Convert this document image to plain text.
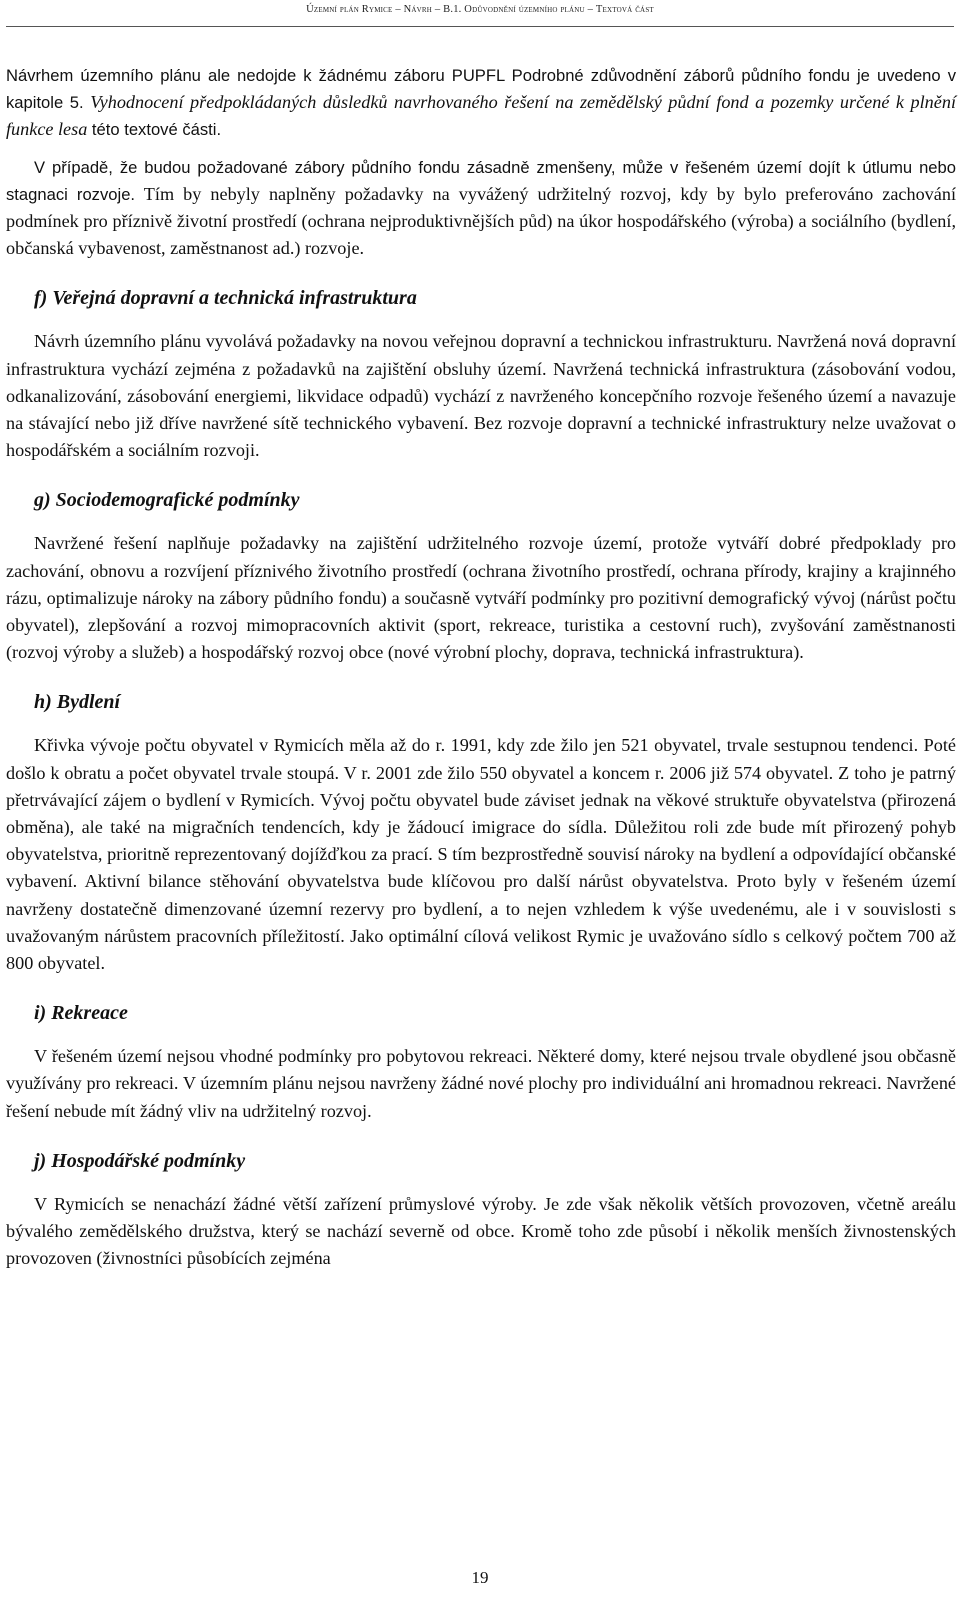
Územní plán Rymice – Návrh – B.1. Odůvodnění územního plánu – Textová část

Návrhem územního plánu ale nedojde k žádnému záboru PUPFL Podrobné zdůvodnění záborů půdního fondu je uvedeno v kapitole 5. Vyhodnocení předpokládaných důsledků navrhovaného řešení na zemědělský půdní fond a pozemky určené k plnění funkce lesa této textové části.

V případě, že budou požadované zábory půdního fondu zásadně zmenšeny, může v řešeném území dojít k útlumu nebo stagnaci rozvoje. Tím by nebyly naplněny požadavky na vyvážený udržitelný rozvoj, kdy by bylo preferováno zachování podmínek pro příznivě životní prostředí (ochrana nejproduktivnějších půd) na úkor hospodářského (výroba) a sociálního (bydlení, občanská vybavenost, zaměstnanost ad.) rozvoje.

f) Veřejná dopravní a technická infrastruktura

Návrh územního plánu vyvolává požadavky na novou veřejnou dopravní a technickou infrastrukturu. Navržená nová dopravní infrastruktura vychází zejména z požadavků na zajištění obsluhy území. Navržená technická infrastruktura (zásobování vodou, odkanalizování, zásobování energiemi, likvidace odpadů) vychází z navrženého koncepčního rozvoje řešeného území a navazuje na stávající nebo již dříve navržené sítě technického vybavení. Bez rozvoje dopravní a technické infrastruktury nelze uvažovat o hospodářském a sociálním rozvoji.

g) Sociodemografické podmínky

Navržené řešení naplňuje požadavky na zajištění udržitelného rozvoje území, protože vytváří dobré předpoklady pro zachování, obnovu a rozvíjení příznivého životního prostředí (ochrana životního prostředí, ochrana přírody, krajiny a krajinného rázu, optimalizuje nároky na zábory půdního fondu) a současně vytváří podmínky pro pozitivní demografický vývoj (nárůst počtu obyvatel), zlepšování a rozvoj mimopracovních aktivit (sport, rekreace, turistika a cestovní ruch), zvyšování zaměstnanosti (rozvoj výroby a služeb) a hospodářský rozvoj obce (nové výrobní plochy, doprava, technická infrastruktura).

h) Bydlení

Křivka vývoje počtu obyvatel v Rymicích měla až do r. 1991, kdy zde žilo jen 521 obyvatel, trvale sestupnou tendenci. Poté došlo k obratu a počet obyvatel trvale stoupá. V r. 2001 zde žilo 550 obyvatel a koncem r. 2006 již 574 obyvatel. Z toho je patrný přetrvávající zájem o bydlení v Rymicích. Vývoj počtu obyvatel bude záviset jednak na věkové struktuře obyvatelstva (přirozená obměna), ale také na migračních tendencích, kdy je žádoucí imigrace do sídla. Důležitou roli zde bude mít přirozený pohyb obyvatelstva, prioritně reprezentovaný dojížďkou za prací. S tím bezprostředně souvisí nároky na bydlení a odpovídající občanské vybavení. Aktivní bilance stěhování obyvatelstva bude klíčovou pro další nárůst obyvatelstva. Proto byly v řešeném území navrženy dostatečně dimenzované územní rezervy pro bydlení, a to nejen vzhledem k výše uvedenému, ale i v souvislosti s uvažovaným nárůstem pracovních příležitostí. Jako optimální cílová velikost Rymic je uvažováno sídlo s celkový počtem 700 až 800 obyvatel.

i) Rekreace

V řešeném území nejsou vhodné podmínky pro pobytovou rekreaci. Některé domy, které nejsou trvale obydlené jsou občasně využívány pro rekreaci. V územním plánu nejsou navrženy žádné nové plochy pro individuální ani hromadnou rekreaci. Navržené řešení nebude mít žádný vliv na udržitelný rozvoj.

j) Hospodářské podmínky

V Rymicích se nenachází žádné větší zařízení průmyslové výroby. Je zde však několik větších provozoven, včetně areálu bývalého zemědělského družstva, který se nachází severně od obce. Kromě toho zde působí i několik menších živnostenských provozoven (živnostníci působících zejména

19
